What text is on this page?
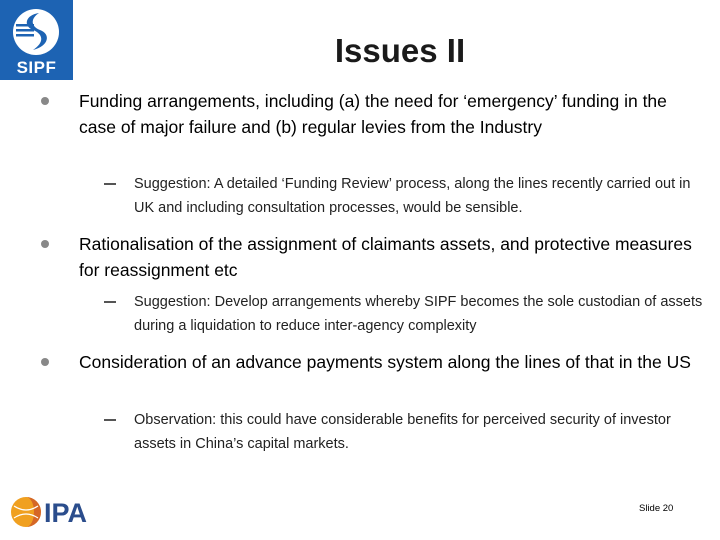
SIPF	Issues II
Funding arrangements, including (a) the need for ‘emergency’ funding in the case of major failure and (b) regular levies from the Industry
Suggestion: A detailed ‘Funding Review’ process, along the lines recently carried out in UK and including consultation processes, would be sensible.
Rationalisation of the assignment of claimants assets, and protective measures for reassignment etc
Suggestion: Develop arrangements whereby SIPF becomes the sole custodian of assets during a liquidation to reduce inter-agency complexity
Consideration of an advance payments system along the lines of that in the US
Observation: this could have considerable benefits for perceived security of investor assets in China’s capital markets.
IPA	Slide 20
